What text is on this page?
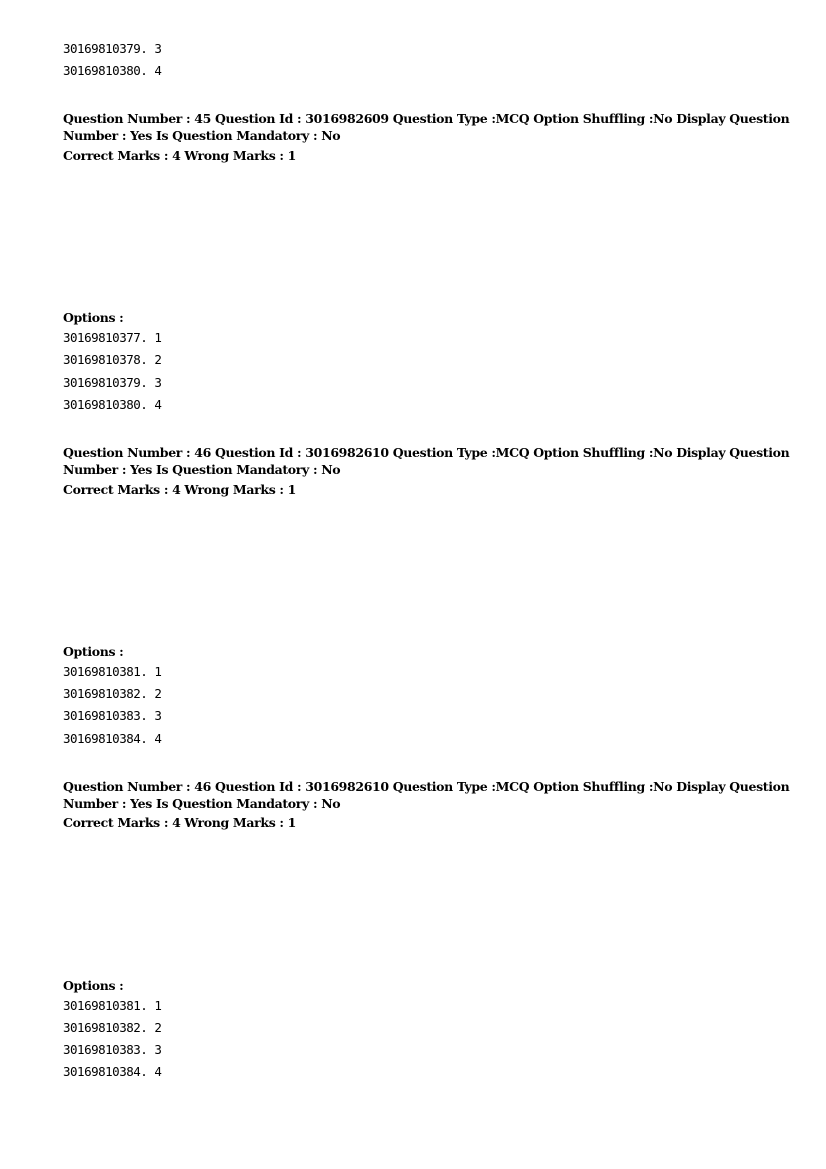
30169810379. 3
30169810380. 4
Question Number : 45 Question Id : 3016982609 Question Type : MCQ Option Shuffling : No Display Question
Number : Yes Is Question Mandatory : No
Correct Marks : 4 Wrong Marks : 1
Options :
30169810377. 1
30169810378. 2
30169810379. 3
30169810380. 4
Question Number : 46 Question Id : 3016982610 Question Type : MCQ Option Shuffling : No Display Question
Number : Yes Is Question Mandatory : No
Correct Marks : 4 Wrong Marks : 1
Options :
30169810381. 1
30169810382. 2
30169810383. 3
30169810384. 4
Question Number : 46 Question Id : 3016982610 Question Type : MCQ Option Shuffling : No Display Question
Number : Yes Is Question Mandatory : No
Correct Marks : 4 Wrong Marks : 1
Options :
30169810381. 1
30169810382. 2
30169810383. 3
30169810384. 4
